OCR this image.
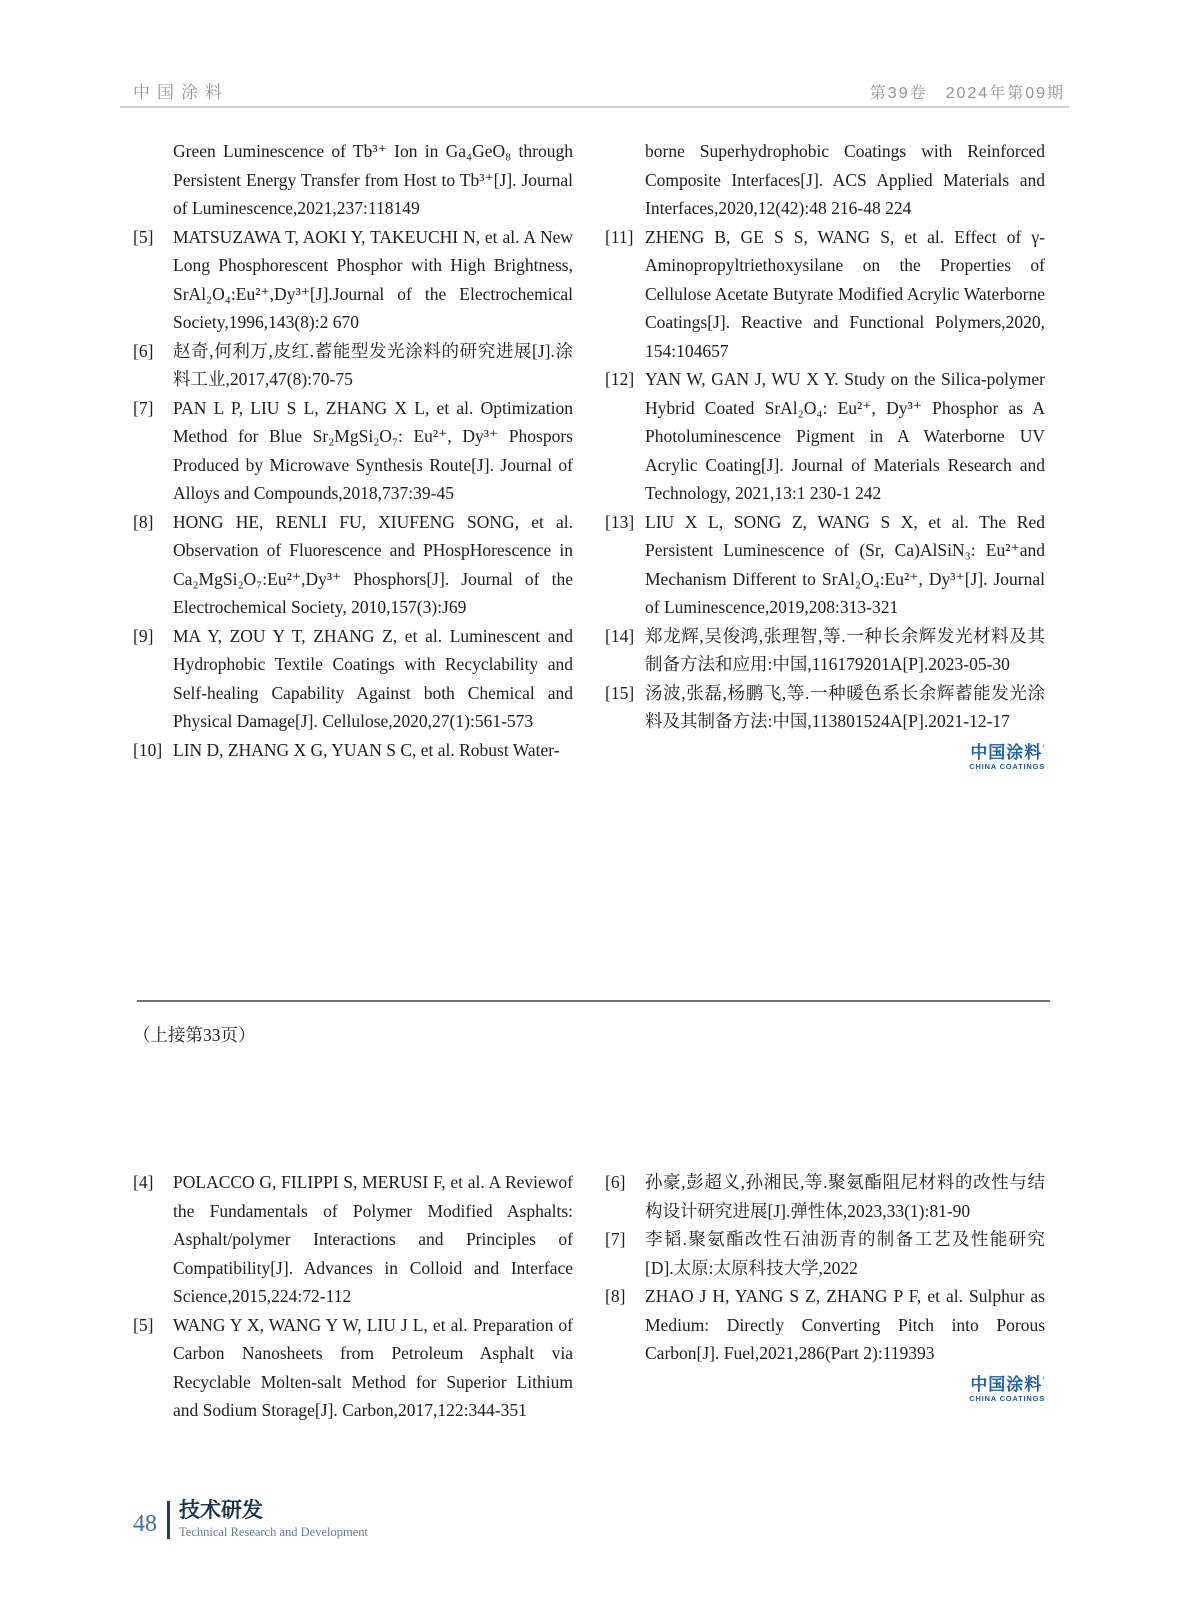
中国涂料	第39卷　2024年第09期
Green Luminescence of Tb³⁺ Ion in Ga₄GeO₈ through Persistent Energy Transfer from Host to Tb³⁺[J]. Journal of Luminescence,2021,237:118149
[5]	MATSUZAWA T, AOKI Y, TAKEUCHI N, et al. A New Long Phosphorescent Phosphor with High Brightness, SrAl₂O₄:Eu²⁺,Dy³⁺[J].Journal of the Electrochemical Society,1996,143(8):2 670
[6]	赵奇,何利万,皮红.蓄能型发光涂料的研究进展[J].涂料工业,2017,47(8):70-75
[7]	PAN L P, LIU S L, ZHANG X L, et al. Optimization Method for Blue Sr₂MgSi₂O₇: Eu²⁺, Dy³⁺ Phospors Produced by Microwave Synthesis Route[J]. Journal of Alloys and Compounds,2018,737:39-45
[8]	HONG HE, RENLI FU, XIUFENG SONG, et al. Observation of Fluorescence and PHospHorescence in Ca₂MgSi₂O₇:Eu²⁺,Dy³⁺ Phosphors[J]. Journal of the Electrochemical Society, 2010,157(3):J69
[9]	MA Y, ZOU Y T, ZHANG Z, et al. Luminescent and Hydrophobic Textile Coatings with Recyclability and Self-healing Capability Against both Chemical and Physical Damage[J]. Cellulose,2020,27(1):561-573
[10] LIN D, ZHANG X G, YUAN S C, et al. Robust Water-
borne Superhydrophobic Coatings with Reinforced Composite Interfaces[J]. ACS Applied Materials and Interfaces,2020,12(42):48 216-48 224
[11] ZHENG B, GE S S, WANG S, et al. Effect of γ-Aminopropyltriethoxysilane on the Properties of Cellulose Acetate Butyrate Modified Acrylic Waterborne Coatings[J]. Reactive and Functional Polymers,2020, 154:104657
[12] YAN W, GAN J, WU X Y. Study on the Silica-polymer Hybrid Coated SrAl₂O₄: Eu²⁺, Dy³⁺ Phosphor as A Photoluminescence Pigment in A Waterborne UV Acrylic Coating[J]. Journal of Materials Research and Technology, 2021,13:1 230-1 242
[13] LIU X L, SONG Z, WANG S X, et al. The Red Persistent Luminescence of (Sr, Ca)AlSiN₃: Eu²⁺and Mechanism Different to SrAl₂O₄:Eu²⁺, Dy³⁺[J]. Journal of Luminescence,2019,208:313-321
[14] 郑龙辉,吴俊鸿,张理智,等.一种长余辉发光材料及其制备方法和应用:中国,116179201A[P].2023-05-30
[15] 汤波,张磊,杨鹏飞,等.一种暖色系长余辉蓄能发光涂料及其制备方法:中国,113801524A[P].2021-12-17
中国涂料′
CHINA COATINGS
（上接第33页）
[4]	POLACCO G, FILIPPI S, MERUSI F, et al. A Reviewof the Fundamentals of Polymer Modified Asphalts: Asphalt/polymer Interactions and Principles of Compatibility[J]. Advances in Colloid and Interface Science,2015,224:72-112
[5]	WANG Y X, WANG Y W, LIU J L, et al. Preparation of Carbon Nanosheets from Petroleum Asphalt via Recyclable Molten-salt Method for Superior Lithium and Sodium Storage[J]. Carbon,2017,122:344-351
[6]	孙豪,彭超义,孙湘民,等.聚氨酯阻尼材料的改性与结构设计研究进展[J].弹性体,2023,33(1):81-90
[7]	李韬.聚氨酯改性石油沥青的制备工艺及性能研究[D].太原:太原科技大学,2022
[8]	ZHAO J H, YANG S Z, ZHANG P F, et al. Sulphur as Medium: Directly Converting Pitch into Porous Carbon[J]. Fuel,2021,286(Part 2):119393
中国涂料′
CHINA COATINGS
48
技术研发
Technical Research and Development
